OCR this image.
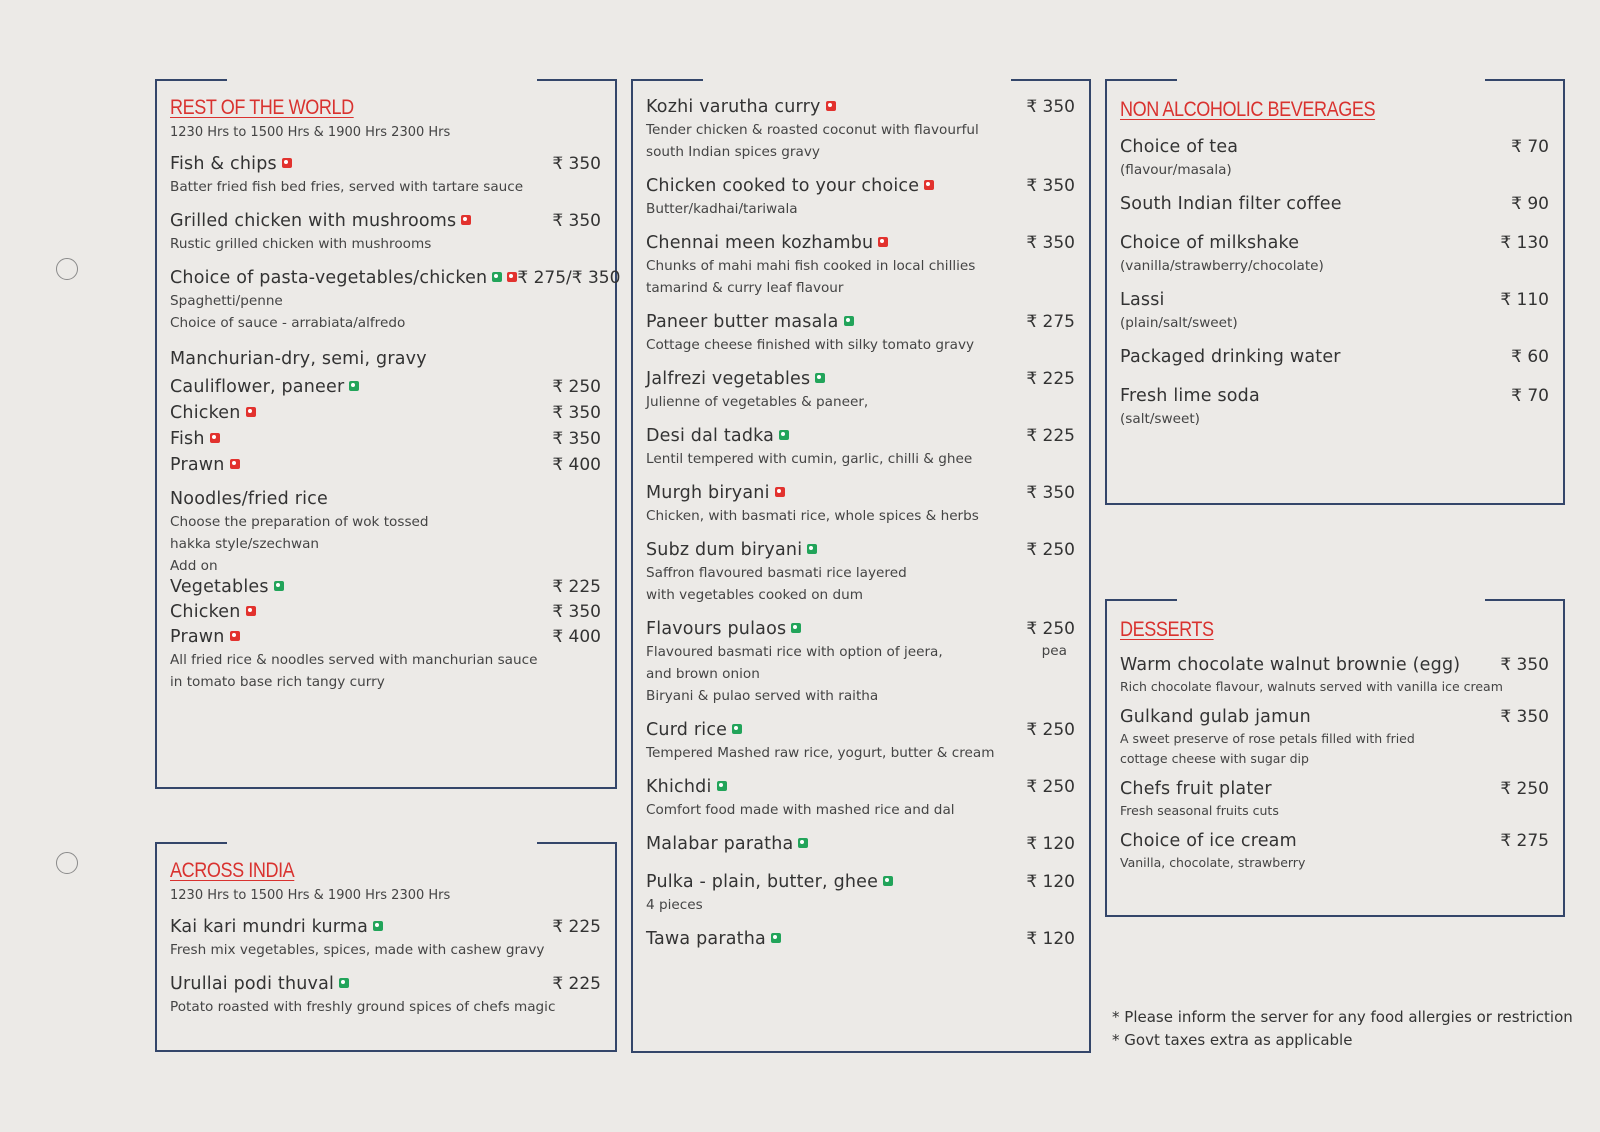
REST OF THE WORLD
1230 Hrs to 1500 Hrs & 1900 Hrs 2300 Hrs
Fish & chips	₹ 350
Batter fried fish bed fries, served with tartare sauce
Grilled chicken with mushrooms	₹ 350
Rustic grilled chicken with mushrooms
Choice of pasta-vegetables/chicken	₹ 275/₹ 350
Spaghetti/penne
Choice of sauce - arrabiata/alfredo
Manchurian-dry, semi, gravy
Cauliflower, paneer	₹ 250
Chicken	₹ 350
Fish	₹ 350
Prawn	₹ 400
Noodles/fried rice
Choose the preparation of wok tossed
hakka style/szechwan
Add on
Vegetables	₹ 225
Chicken	₹ 350
Prawn	₹ 400
All fried rice & noodles served with manchurian sauce
in tomato base rich tangy curry
ACROSS INDIA
1230 Hrs to 1500 Hrs & 1900 Hrs 2300 Hrs
Kai kari mundri kurma	₹ 225
Fresh mix vegetables, spices, made with cashew gravy
Urullai podi thuval	₹ 225
Potato roasted with freshly ground spices of chefs magic
Kozhi varutha curry	₹ 350
Tender chicken & roasted coconut with flavourful
south Indian spices gravy
Chicken cooked to your choice	₹ 350
Butter/kadhai/tariwala
Chennai meen kozhambu	₹ 350
Chunks of mahi mahi fish cooked in local chillies
tamarind & curry leaf flavour
Paneer butter masala	₹ 275
Cottage cheese finished with silky tomato gravy
Jalfrezi vegetables	₹ 225
Julienne of vegetables & paneer,
Desi dal tadka	₹ 225
Lentil tempered with cumin, garlic, chilli & ghee
Murgh biryani	₹ 350
Chicken, with basmati rice, whole spices & herbs
Subz dum biryani	₹ 250
Saffron flavoured basmati rice layered
with vegetables cooked on dum
Flavours pulaos	₹ 250
Flavoured basmati rice with option of jeera,
and brown onion
Biryani & pulao served with raitha
pea
Curd rice	₹ 250
Tempered Mashed raw rice, yogurt, butter & cream
Khichdi	₹ 250
Comfort food made with mashed rice and dal
Malabar paratha	₹ 120
Pulka - plain, butter, ghee	₹ 120
4 pieces
Tawa paratha	₹ 120
NON ALCOHOLIC BEVERAGES
Choice of tea	₹ 70
(flavour/masala)
South Indian filter coffee	₹ 90
Choice of milkshake	₹ 130
(vanilla/strawberry/chocolate)
Lassi	₹ 110
(plain/salt/sweet)
Packaged drinking water	₹ 60
Fresh lime soda	₹ 70
(salt/sweet)
DESSERTS
Warm chocolate walnut brownie (egg) ₹ 350
Rich chocolate flavour, walnuts served with vanilla ice cream
Gulkand gulab jamun	₹ 350
A sweet preserve of rose petals filled with fried
cottage cheese with sugar dip
Chefs fruit plater	₹ 250
Fresh seasonal fruits cuts
Choice of ice cream	₹ 275
Vanilla, chocolate, strawberry
* Please inform the server for any food allergies or restriction
* Govt taxes extra as applicable
